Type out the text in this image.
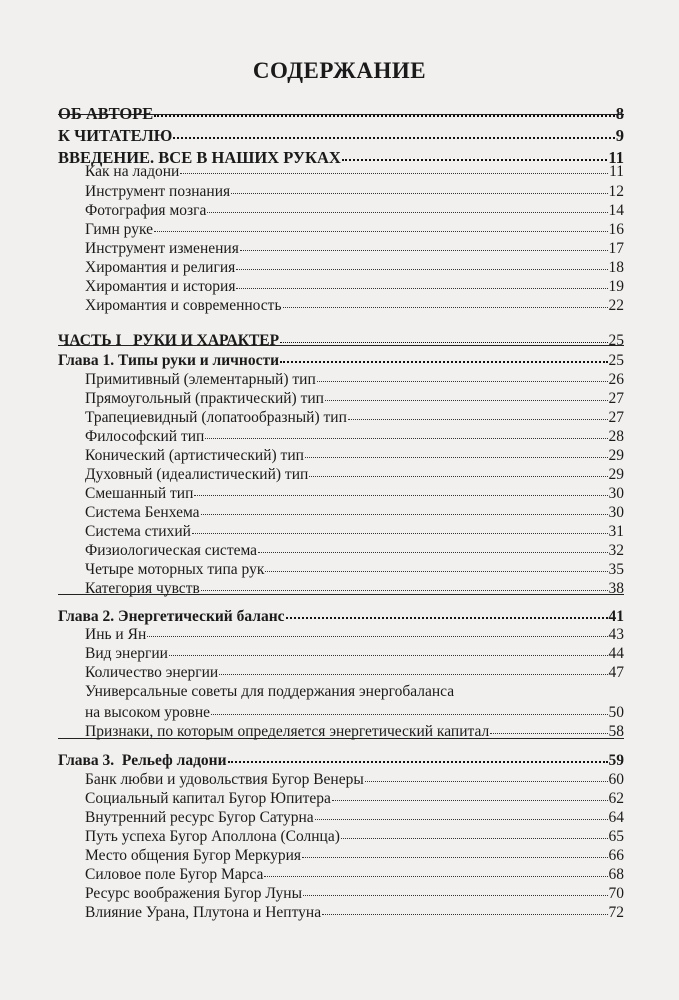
СОДЕРЖАНИЕ
ОБ АВТОРЕ	8
К ЧИТАТЕЛЮ	9
ВВЕДЕНИЕ. ВСЕ В НАШИХ РУКАХ	11
Как на ладони	11
Инструмент познания	12
Фотография мозга	14
Гимн руке	16
Инструмент изменения	17
Хиромантия и религия	18
Хиромантия и история	19
Хиромантия и современность	22
ЧАСТЬ I   РУКИ И ХАРАКТЕР	25
Глава 1. Типы руки и личности	25
Примитивный (элементарный) тип	26
Прямоугольный (практический) тип	27
Трапециевидный (лопатообразный) тип	27
Философский тип	28
Конический (артистический) тип	29
Духовный (идеалистический) тип	29
Смешанный тип	30
Система Бенхема	30
Система стихий	31
Физиологическая система	32
Четыре моторных типа рук	35
Категория чувств	38
Глава 2. Энергетический баланс	41
Инь и Ян	43
Вид энергии	44
Количество энергии	47
Универсальные советы для поддержания энергобаланса
на высоком уровне	50
Признаки, по которым определяется энергетический капитал	58
Глава 3.  Рельеф ладони	59
Банк любви и удовольствия Бугор Венеры	60
Социальный капитал Бугор Юпитера	62
Внутренний ресурс Бугор Сатурна	64
Путь успеха Бугор Аполлона (Солнца)	65
Место общения Бугор Меркурия	66
Силовое поле Бугор Марса	68
Ресурс воображения Бугор Луны	70
Влияние Урана, Плутона и Нептуна	72
